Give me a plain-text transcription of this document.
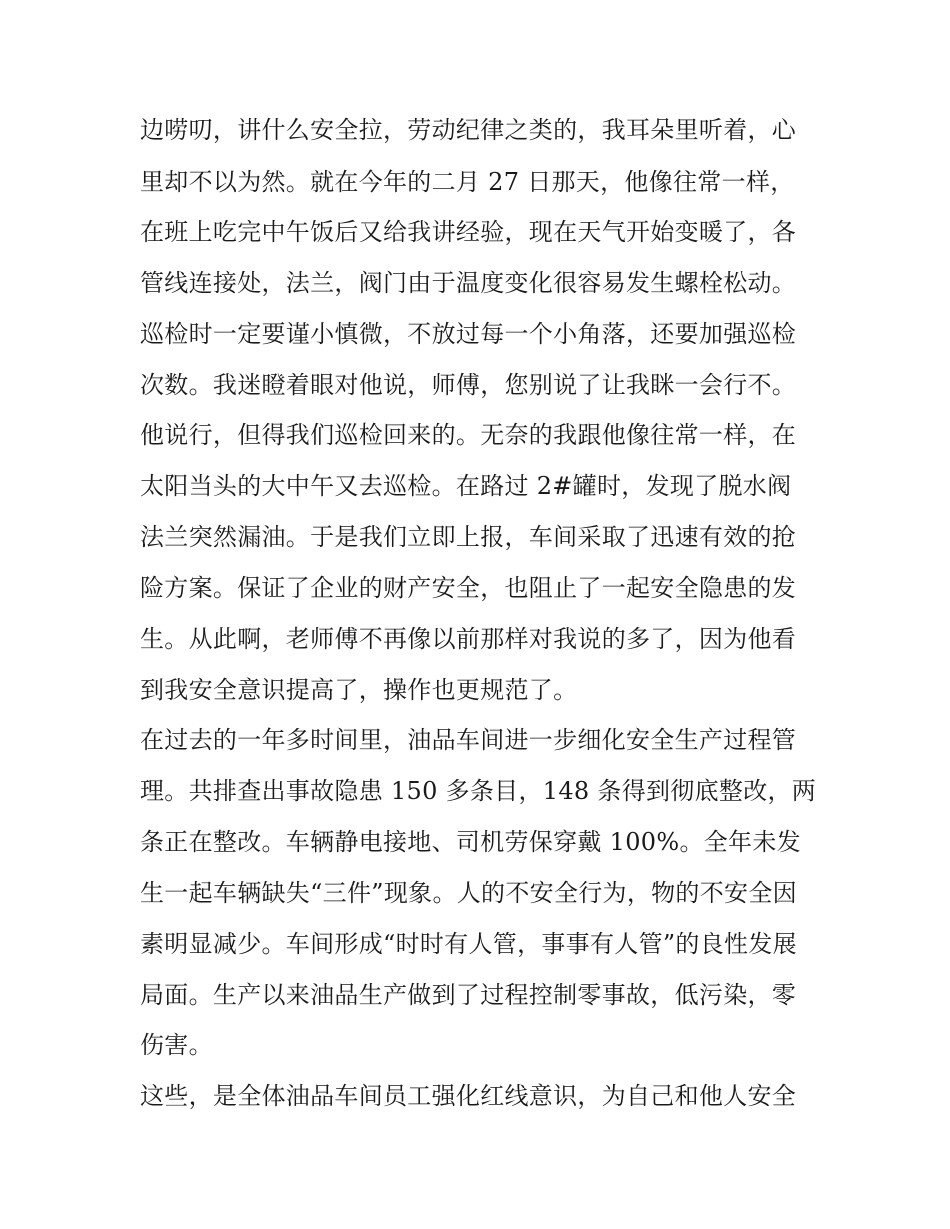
边唠叨，讲什么安全拉，劳动纪律之类的，我耳朵里听着，心
里却不以为然。就在今年的二月 27 日那天，他像往常一样，
在班上吃完中午饭后又给我讲经验，现在天气开始变暖了，各
管线连接处，法兰，阀门由于温度变化很容易发生螺栓松动。
巡检时一定要谨小慎微，不放过每一个小角落，还要加强巡检
次数。我迷瞪着眼对他说，师傅，您别说了让我眯一会行不。
他说行，但得我们巡检回来的。无奈的我跟他像往常一样，在
太阳当头的大中午又去巡检。在路过 2#罐时，发现了脱水阀
法兰突然漏油。于是我们立即上报，车间采取了迅速有效的抢
险方案。保证了企业的财产安全，也阻止了一起安全隐患的发
生。从此啊，老师傅不再像以前那样对我说的多了，因为他看
到我安全意识提高了，操作也更规范了。
在过去的一年多时间里，油品车间进一步细化安全生产过程管
理。共排查出事故隐患 150 多条目，148 条得到彻底整改，两
条正在整改。车辆静电接地、司机劳保穿戴 100%。全年未发
生一起车辆缺失“三件”现象。人的不安全行为，物的不安全因
素明显减少。车间形成“时时有人管，事事有人管”的良性发展
局面。生产以来油品生产做到了过程控制零事故，低污染，零
伤害。
这些，是全体油品车间员工强化红线意识，为自己和他人安全
